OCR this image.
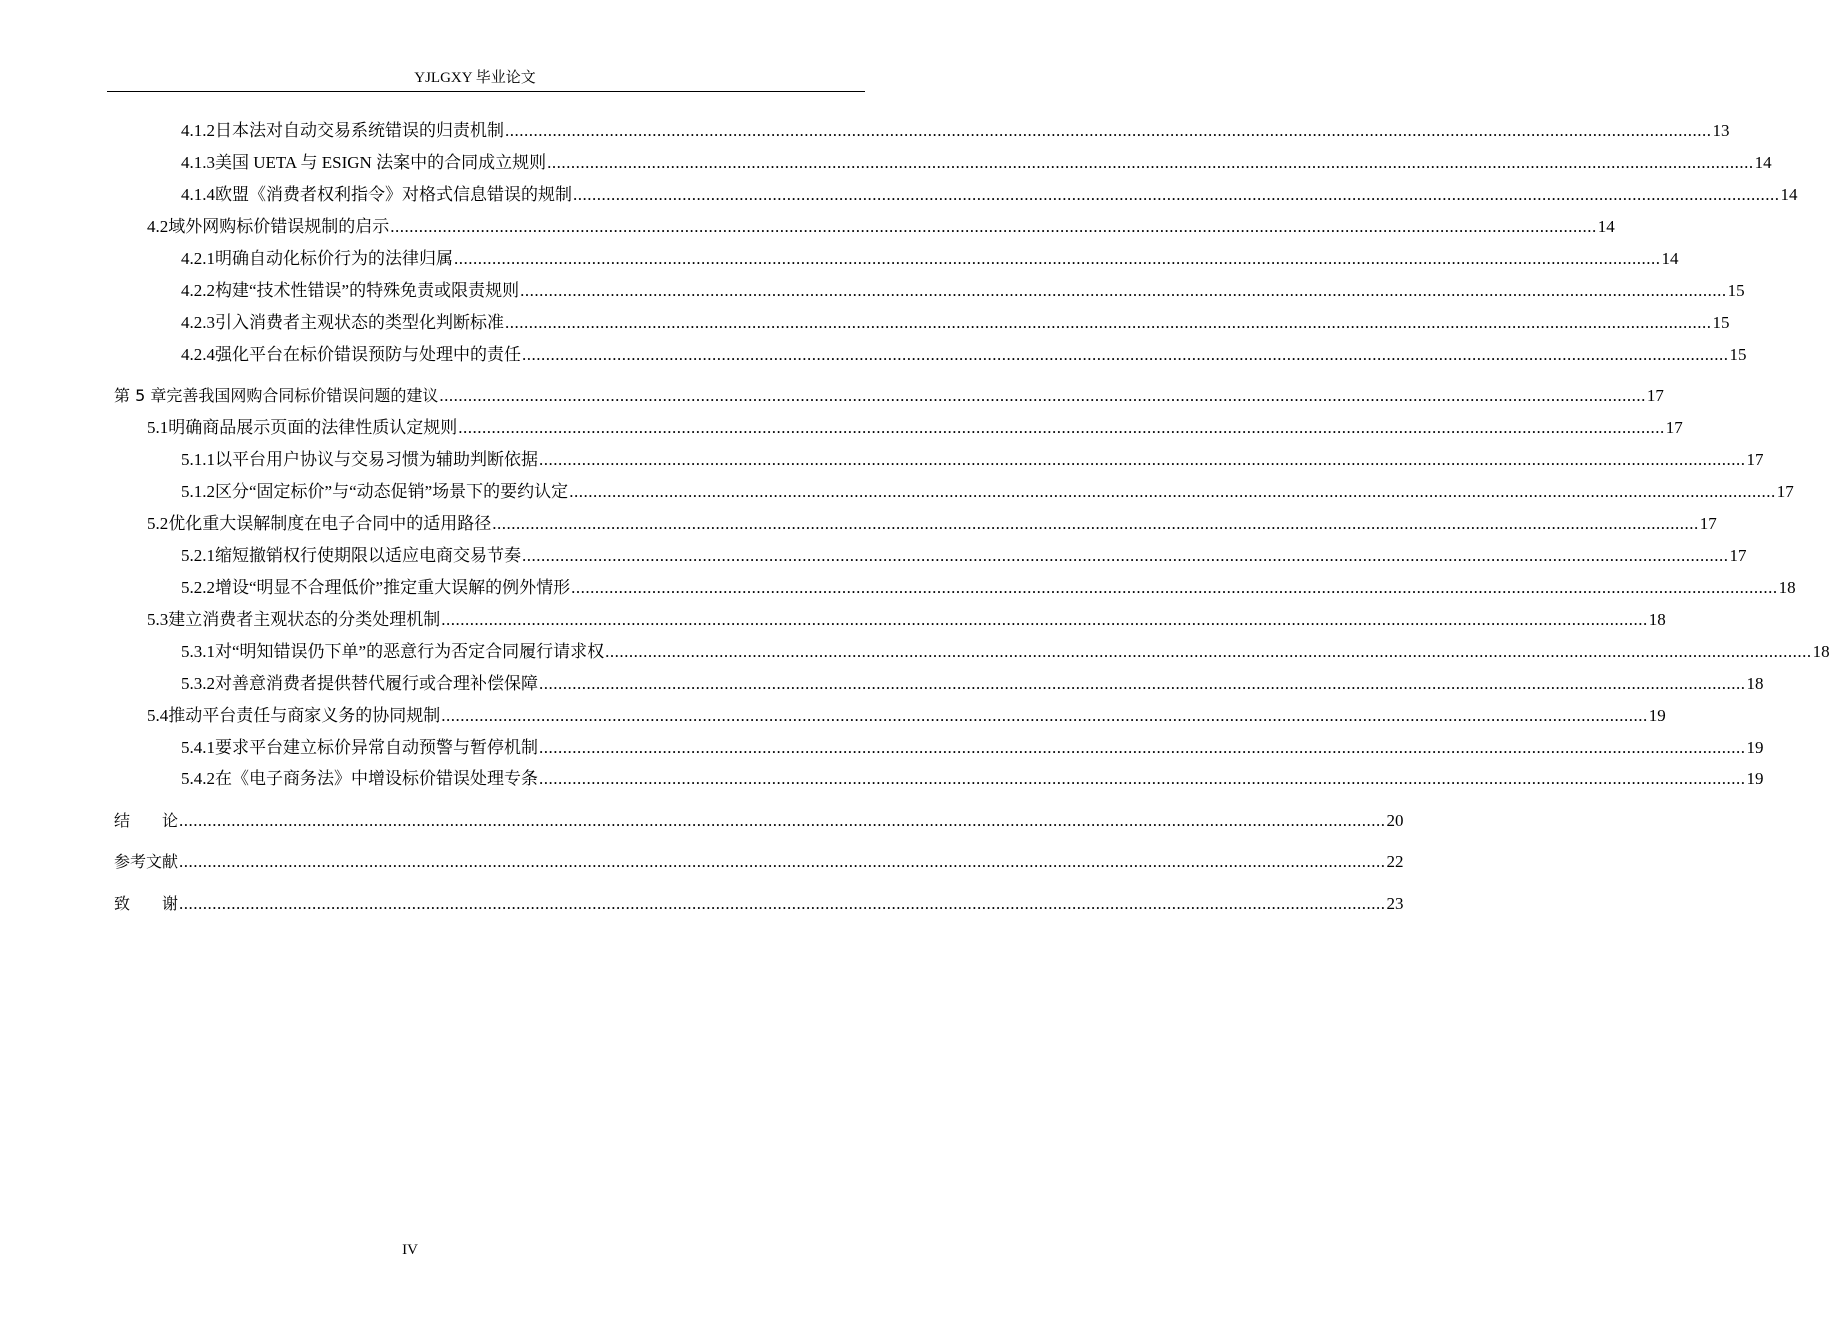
YJLGXY 毕业论文
4.1.2 日本法对自动交易系统错误的归责机制 .............................................................................................................................................................................................................................................................. 13
4.1.3 美国 UETA 与 ESIGN 法案中的合同成立规则 .............................................................................................................................................................................................................................................................. 14
4.1.4 欧盟《消费者权利指令》对格式信息错误的规制 .............................................................................................................................................................................................................................................................. 14
4.2 域外网购标价错误规制的启示 .............................................................................................................................................................................................................................................................. 14
4.2.1 明确自动化标价行为的法律归属 .............................................................................................................................................................................................................................................................. 14
4.2.2 构建“技术性错误”的特殊免责或限责规则 .............................................................................................................................................................................................................................................................. 15
4.2.3 引入消费者主观状态的类型化判断标准 .............................................................................................................................................................................................................................................................. 15
4.2.4 强化平台在标价错误预防与处理中的责任 .............................................................................................................................................................................................................................................................. 15
第 5 章 完善我国网购合同标价错误问题的建议 .............................................................................................................................................................................................................................................................. 17
5.1 明确商品展示页面的法律性质认定规则 .............................................................................................................................................................................................................................................................. 17
5.1.1 以平台用户协议与交易习惯为辅助判断依据 .............................................................................................................................................................................................................................................................. 17
5.1.2 区分“固定标价”与“动态促销”场景下的要约认定 .............................................................................................................................................................................................................................................................. 17
5.2 优化重大误解制度在电子合同中的适用路径 .............................................................................................................................................................................................................................................................. 17
5.2.1 缩短撤销权行使期限以适应电商交易节奏 .............................................................................................................................................................................................................................................................. 17
5.2.2 增设“明显不合理低价”推定重大误解的例外情形 .............................................................................................................................................................................................................................................................. 18
5.3 建立消费者主观状态的分类处理机制 .............................................................................................................................................................................................................................................................. 18
5.3.1 对“明知错误仍下单”的恶意行为否定合同履行请求权 .............................................................................................................................................................................................................................................................. 18
5.3.2 对善意消费者提供替代履行或合理补偿保障 .............................................................................................................................................................................................................................................................. 18
5.4 推动平台责任与商家义务的协同规制 .............................................................................................................................................................................................................................................................. 19
5.4.1 要求平台建立标价异常自动预警与暂停机制 .............................................................................................................................................................................................................................................................. 19
5.4.2 在《电子商务法》中增设标价错误处理专条 .............................................................................................................................................................................................................................................................. 19
结　　论 .............................................................................................................................................................................................................................................................. 20
参考文献 .............................................................................................................................................................................................................................................................. 22
致　　谢 .............................................................................................................................................................................................................................................................. 23
IV
